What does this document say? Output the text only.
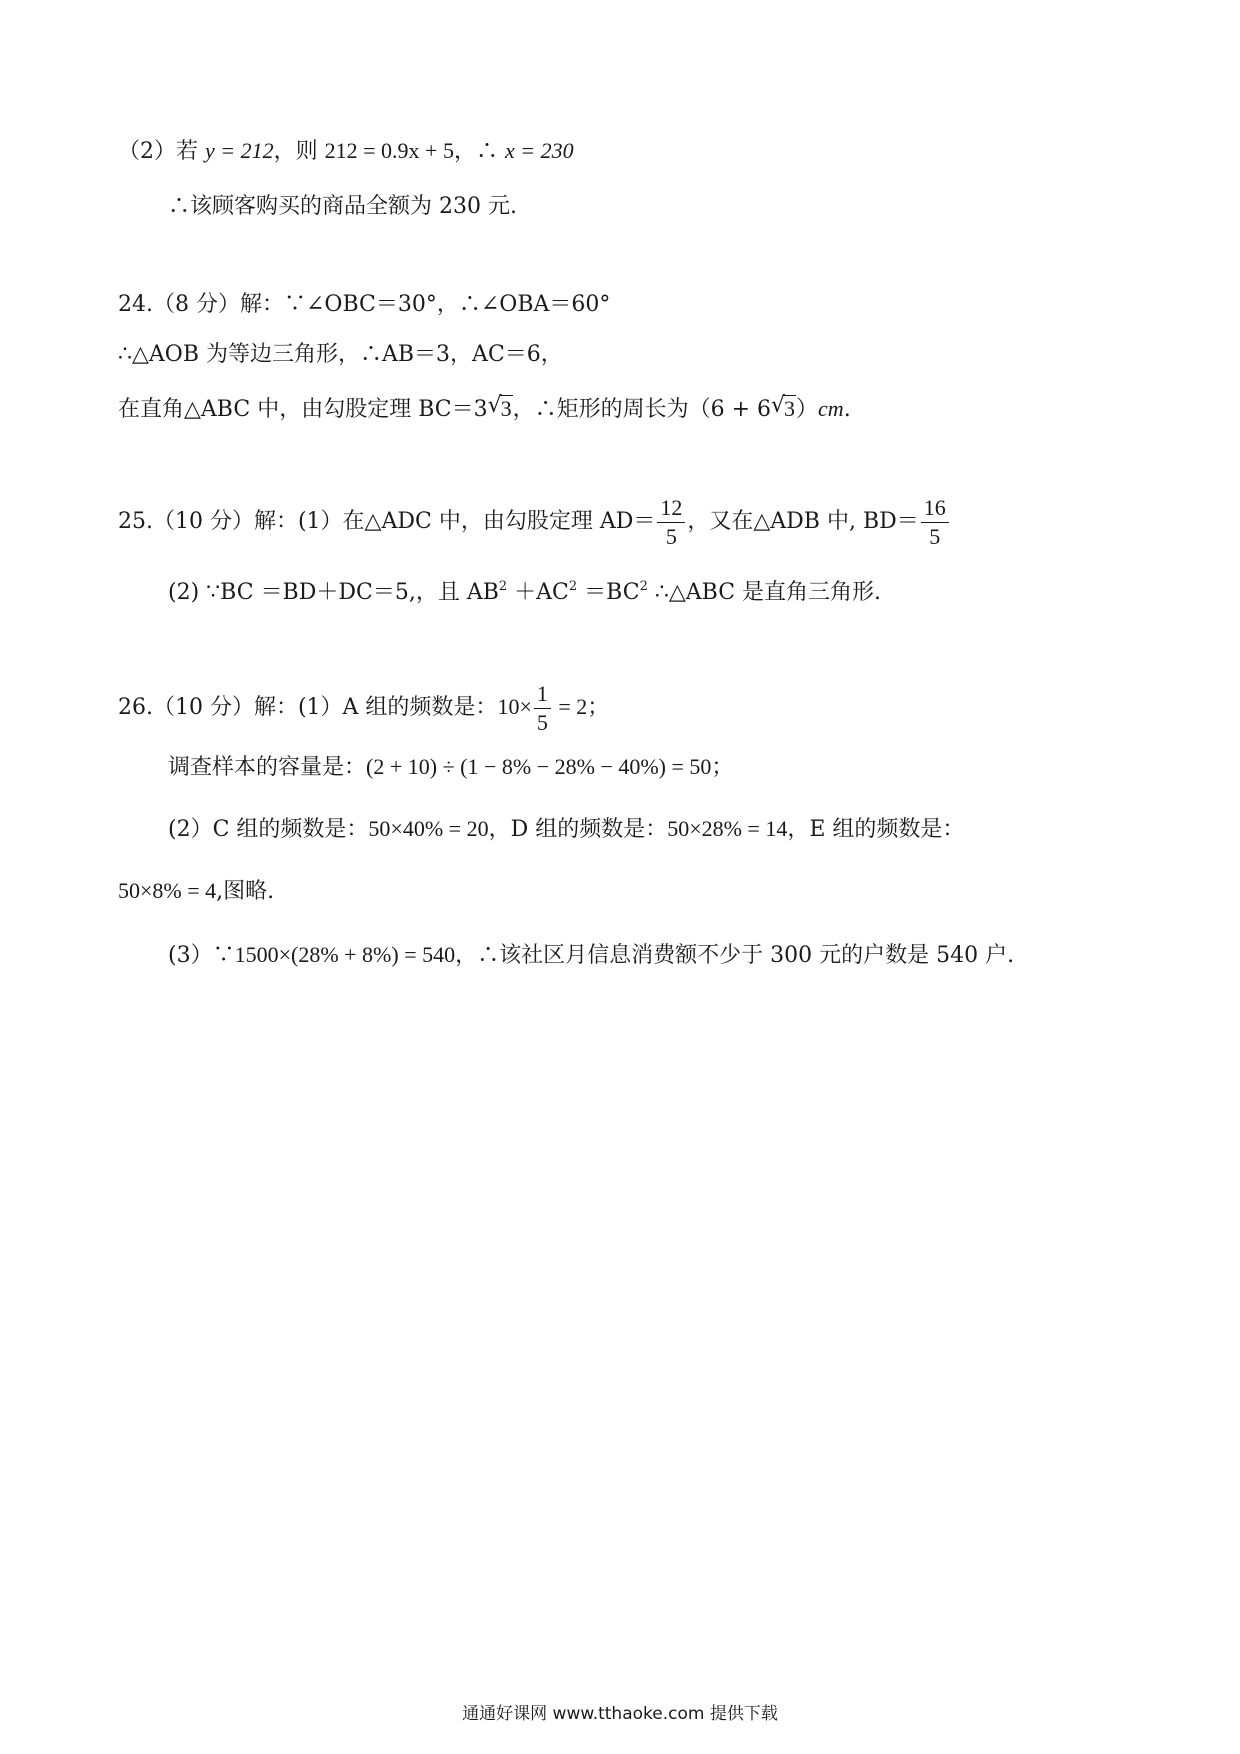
（2）若 y = 212，则 212 = 0.9x + 5，∴ x = 230
∴该顾客购买的商品全额为 230 元.
24.（8 分）解：∵∠OBC＝30°，∴∠OBA＝60°
∴△AOB 为等边三角形，∴AB＝3，AC＝6，
在直角△ABC 中，由勾股定理 BC＝3 √ 3，∴矩形的周长为（6 + 6 √ 3）cm.
25.（10 分）解：(1）在△ADC 中，由勾股定理 $AD= \frac{12}{5}$ ，又在△ADB 中, $BD= \frac{16}{5}$
(2) ∵BC ＝BD＋DC＝5,，且 $AB^2 +AC^2 =BC^2$ ∴△ABC 是直角三角形.
26.（10 分）解：(1）A 组的频数是：$10\times \frac{1}{5} = 2$；
调查样本的容量是：(2 + 10) ÷ (1 − 8% − 28% − 40%) = 50；
(2）C 组的频数是：50×40% = 20，D 组的频数是：50×28% = 14，E 组的频数是：
50×8% = 4,图略.
(3）∵1500×(28% + 8%) = 540，∴该社区月信息消费额不少于 300 元的户数是 540 户.
通通好课网 www.tthaoke.com 提供下载
